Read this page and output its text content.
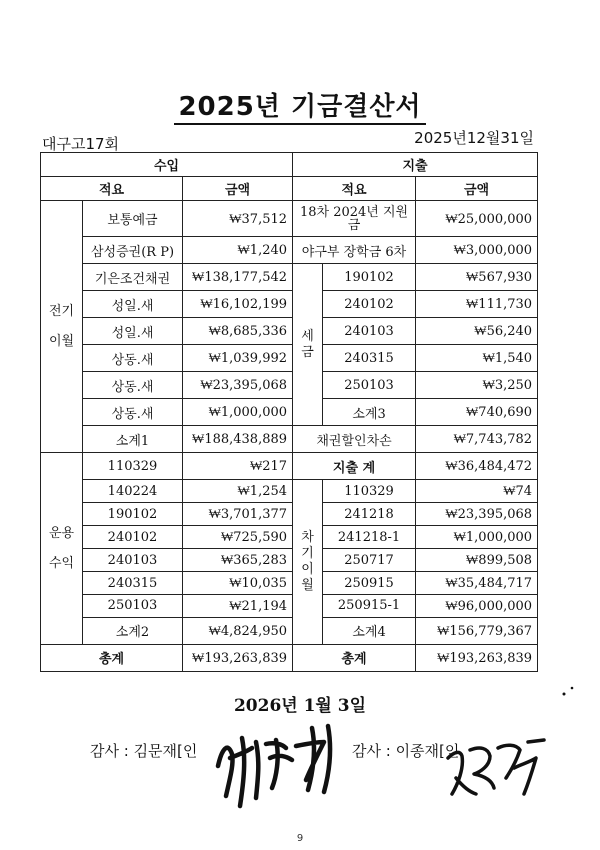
2025년 기금결산서
대구고17회	2025년12월31일
수입			지출		
적요		금액	적요		금액
전기 이월	보통예금	₩37,512	18차 2024년 지원금		₩25,000,000
	삼성증권(R P)	₩1,240	야구부 장학금 6차		₩3,000,000
	기은조건채권	₩138,177,542	세금	190102	₩567,930
	성일.새	₩16,102,199		240102	₩111,730
	성일.새	₩8,685,336		240103	₩56,240
	상동.새	₩1,039,992		240315	₩1,540
	상동.새	₩23,395,068		250103	₩3,250
	상동.새	₩1,000,000		소계3	₩740,690
	소계1	₩188,438,889	채권할인차손		₩7,743,782
운용 수익	110329	₩217	지출 계		₩36,484,472
	140224	₩1,254	차기 이월	110329	₩74
	190102	₩3,701,377		241218	₩23,395,068
	240102	₩725,590		241218-1	₩1,000,000
	240103	₩365,283		250717	₩899,508
	240315	₩10,035		250915	₩35,484,717
	250103	₩21,194		250915-1	₩96,000,000
	소계2	₩4,824,950		소계4	₩156,779,367
총계		₩193,263,839	총계		₩193,263,839
2026년 1월 3일
감사 : 김문재[인	감사 : 이종재[인
9
